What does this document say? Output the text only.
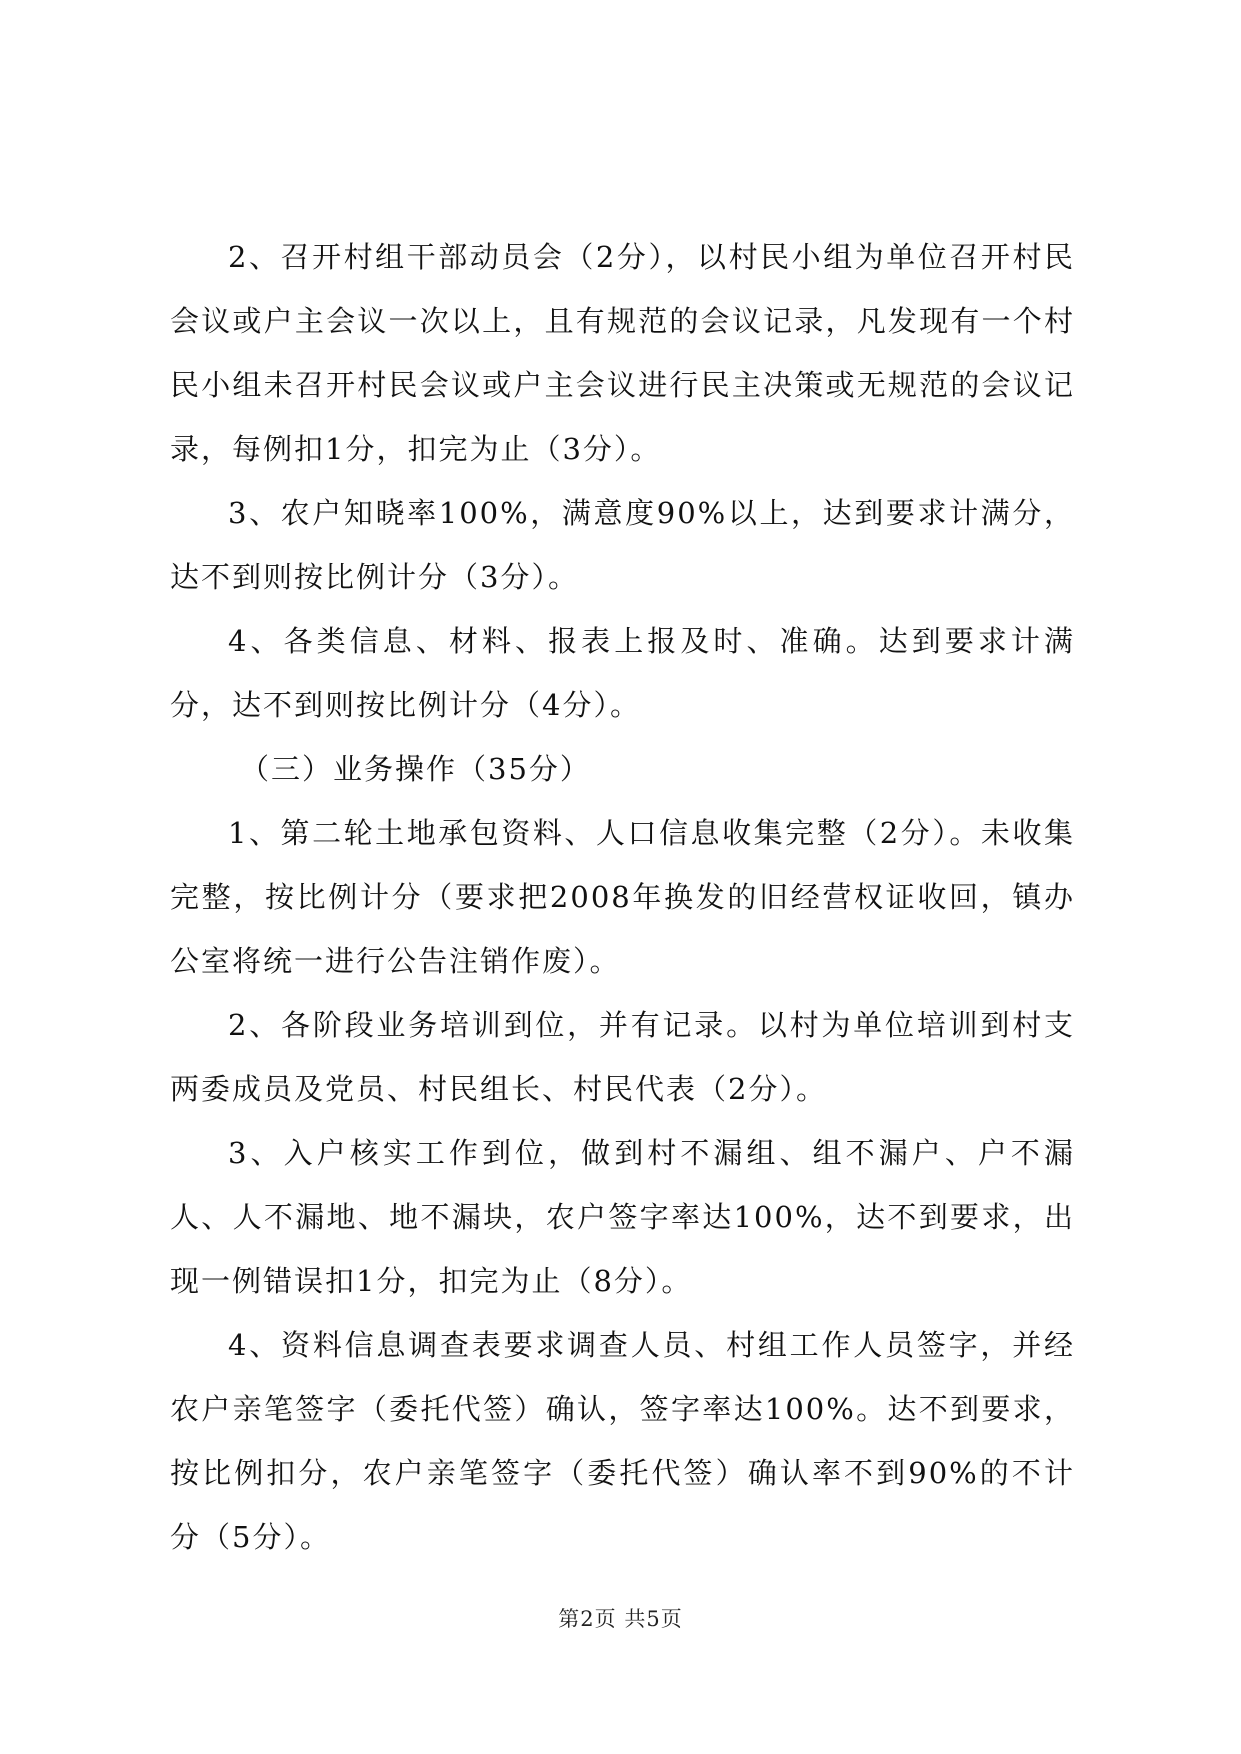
2、召开村组干部动员会（2分），以村民小组为单位召开村民会议或户主会议一次以上，且有规范的会议记录，凡发现有一个村民小组未召开村民会议或户主会议进行民主决策或无规范的会议记录，每例扣1分，扣完为止（3分）。

3、农户知晓率100%，满意度90%以上，达到要求计满分，达不到则按比例计分（3分）。

4、各类信息、材料、报表上报及时、准确。达到要求计满分，达不到则按比例计分（4分）。

（三）业务操作（35分）

1、第二轮土地承包资料、人口信息收集完整（2分）。未收集完整，按比例计分（要求把2008年换发的旧经营权证收回，镇办公室将统一进行公告注销作废）。

2、各阶段业务培训到位，并有记录。以村为单位培训到村支两委成员及党员、村民组长、村民代表（2分）。

3、入户核实工作到位，做到村不漏组、组不漏户、户不漏人、人不漏地、地不漏块，农户签字率达100%，达不到要求，出现一例错误扣1分，扣完为止（8分）。

4、资料信息调查表要求调查人员、村组工作人员签字，并经农户亲笔签字（委托代签）确认，签字率达100%。达不到要求，按比例扣分，农户亲笔签字（委托代签）确认率不到90%的不计分（5分）。

第2页 共5页
